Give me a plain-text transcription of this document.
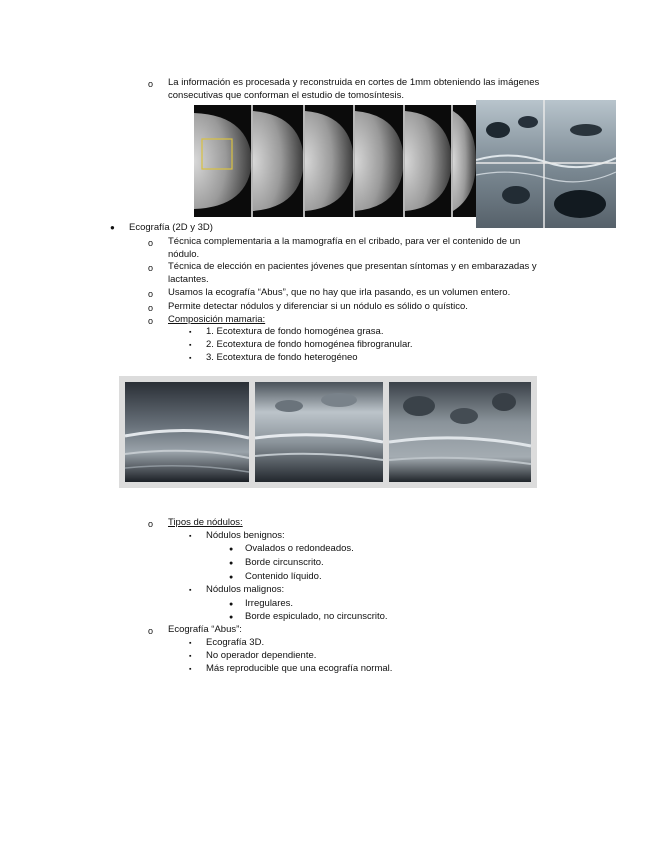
o La información es procesada y reconstruida en cortes de 1mm obteniendo las imágenes
consecutivas que conforman el estudio de tomosíntesis.
● Ecografía (2D y 3D)
o Técnica complementaria a la mamografía en el cribado, para ver el contenido de un
nódulo.
o Técnica de elección en pacientes jóvenes que presentan síntomas y en embarazadas y
lactantes.
o Usamos la ecografía “Abus”, que no hay que irla pasando, es un volumen entero.
o Permite detectar nódulos y diferenciar si un nódulo es sólido o quístico.
o Composición mamaria:
▪ 1. Ecotextura de fondo homogénea grasa.
▪ 2. Ecotextura de fondo homogénea fibrogranular.
▪ 3. Ecotextura de fondo heterogéneo
o Tipos de nódulos:
▪ Nódulos benignos:
● Ovalados o redondeados.
● Borde circunscrito.
● Contenido líquido.
▪ Nódulos malignos:
● Irregulares.
● Borde espiculado, no circunscrito.
o Ecografía “Abus”:
▪ Ecografía 3D.
▪ No operador dependiente.
▪ Más reproducible que una ecografía normal.
